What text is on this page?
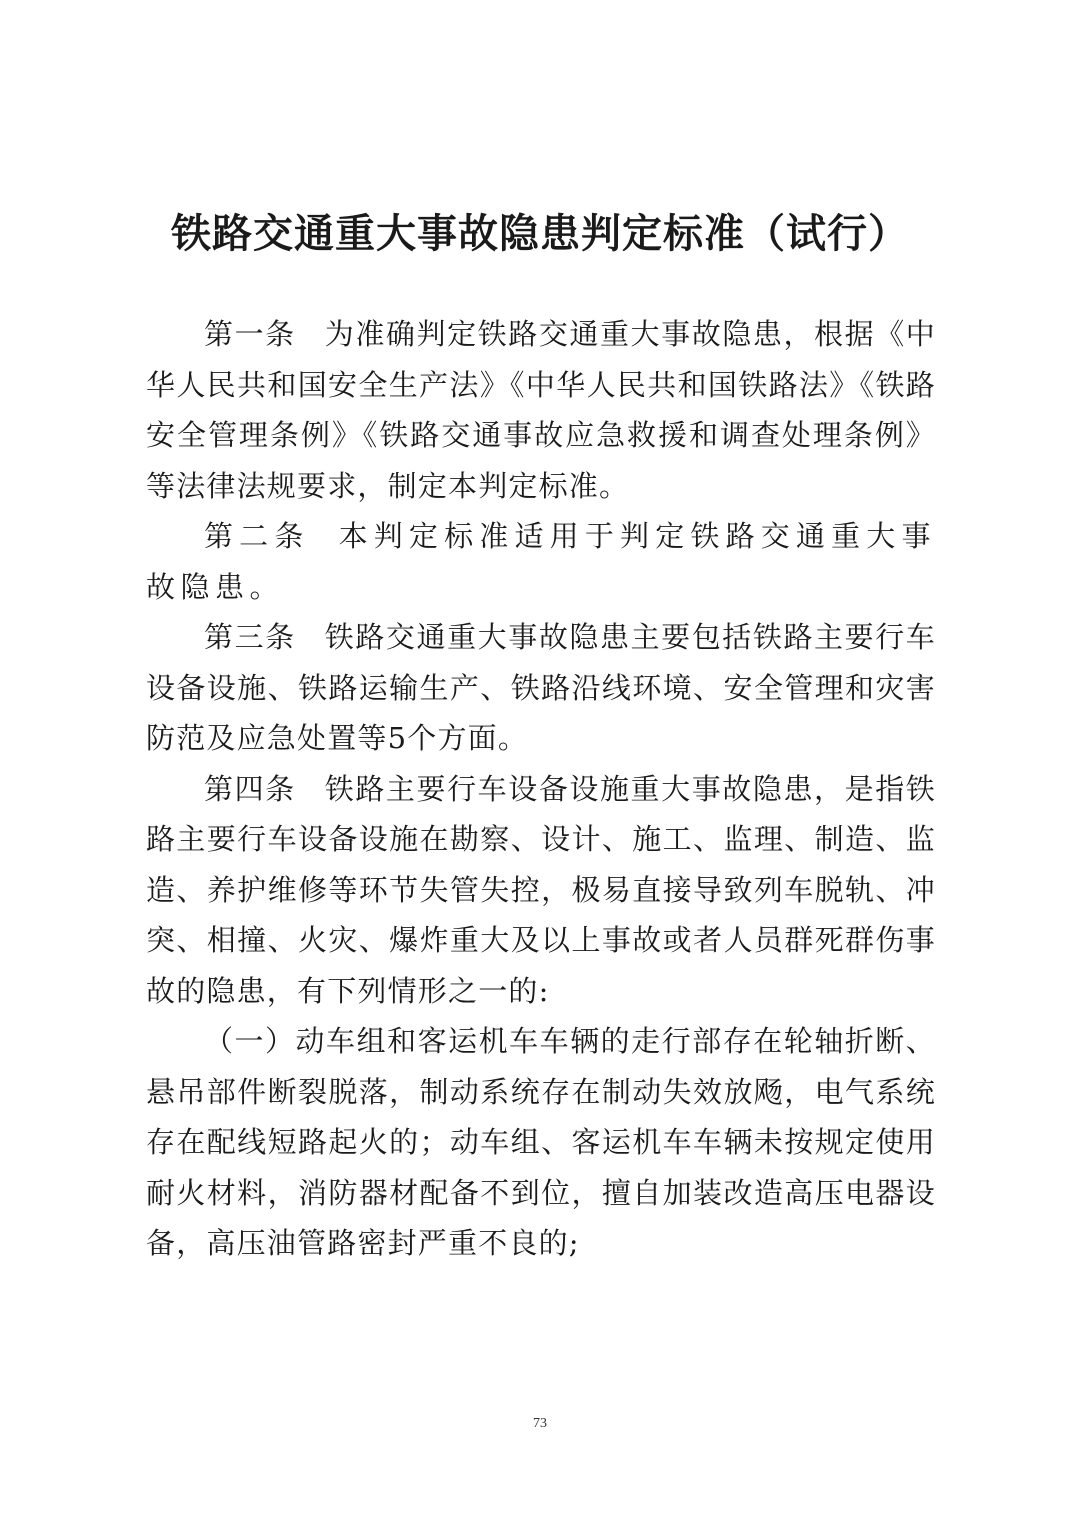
铁路交通重大事故隐患判定标准（试行）

第一条 为准确判定铁路交通重大事故隐患，根据《中华人民共和国安全生产法》《中华人民共和国铁路法》《铁路安全管理条例》《铁路交通事故应急救援和调查处理条例》等法律法规要求，制定本判定标准。

第二条 本判定标准适用于判定铁路交通重大事故隐患。

第三条 铁路交通重大事故隐患主要包括铁路主要行车设备设施、铁路运输生产、铁路沿线环境、安全管理和灾害防范及应急处置等5个方面。

第四条 铁路主要行车设备设施重大事故隐患，是指铁路主要行车设备设施在勘察、设计、施工、监理、制造、监造、养护维修等环节失管失控，极易直接导致列车脱轨、冲突、相撞、火灾、爆炸重大及以上事故或者人员群死群伤事故的隐患，有下列情形之一的:

（一）动车组和客运机车车辆的走行部存在轮轴折断、悬吊部件断裂脱落，制动系统存在制动失效放飏，电气系统存在配线短路起火的；动车组、客运机车车辆未按规定使用耐火材料，消防器材配备不到位，擅自加装改造高压电器设备，高压油管路密封严重不良的;

73
